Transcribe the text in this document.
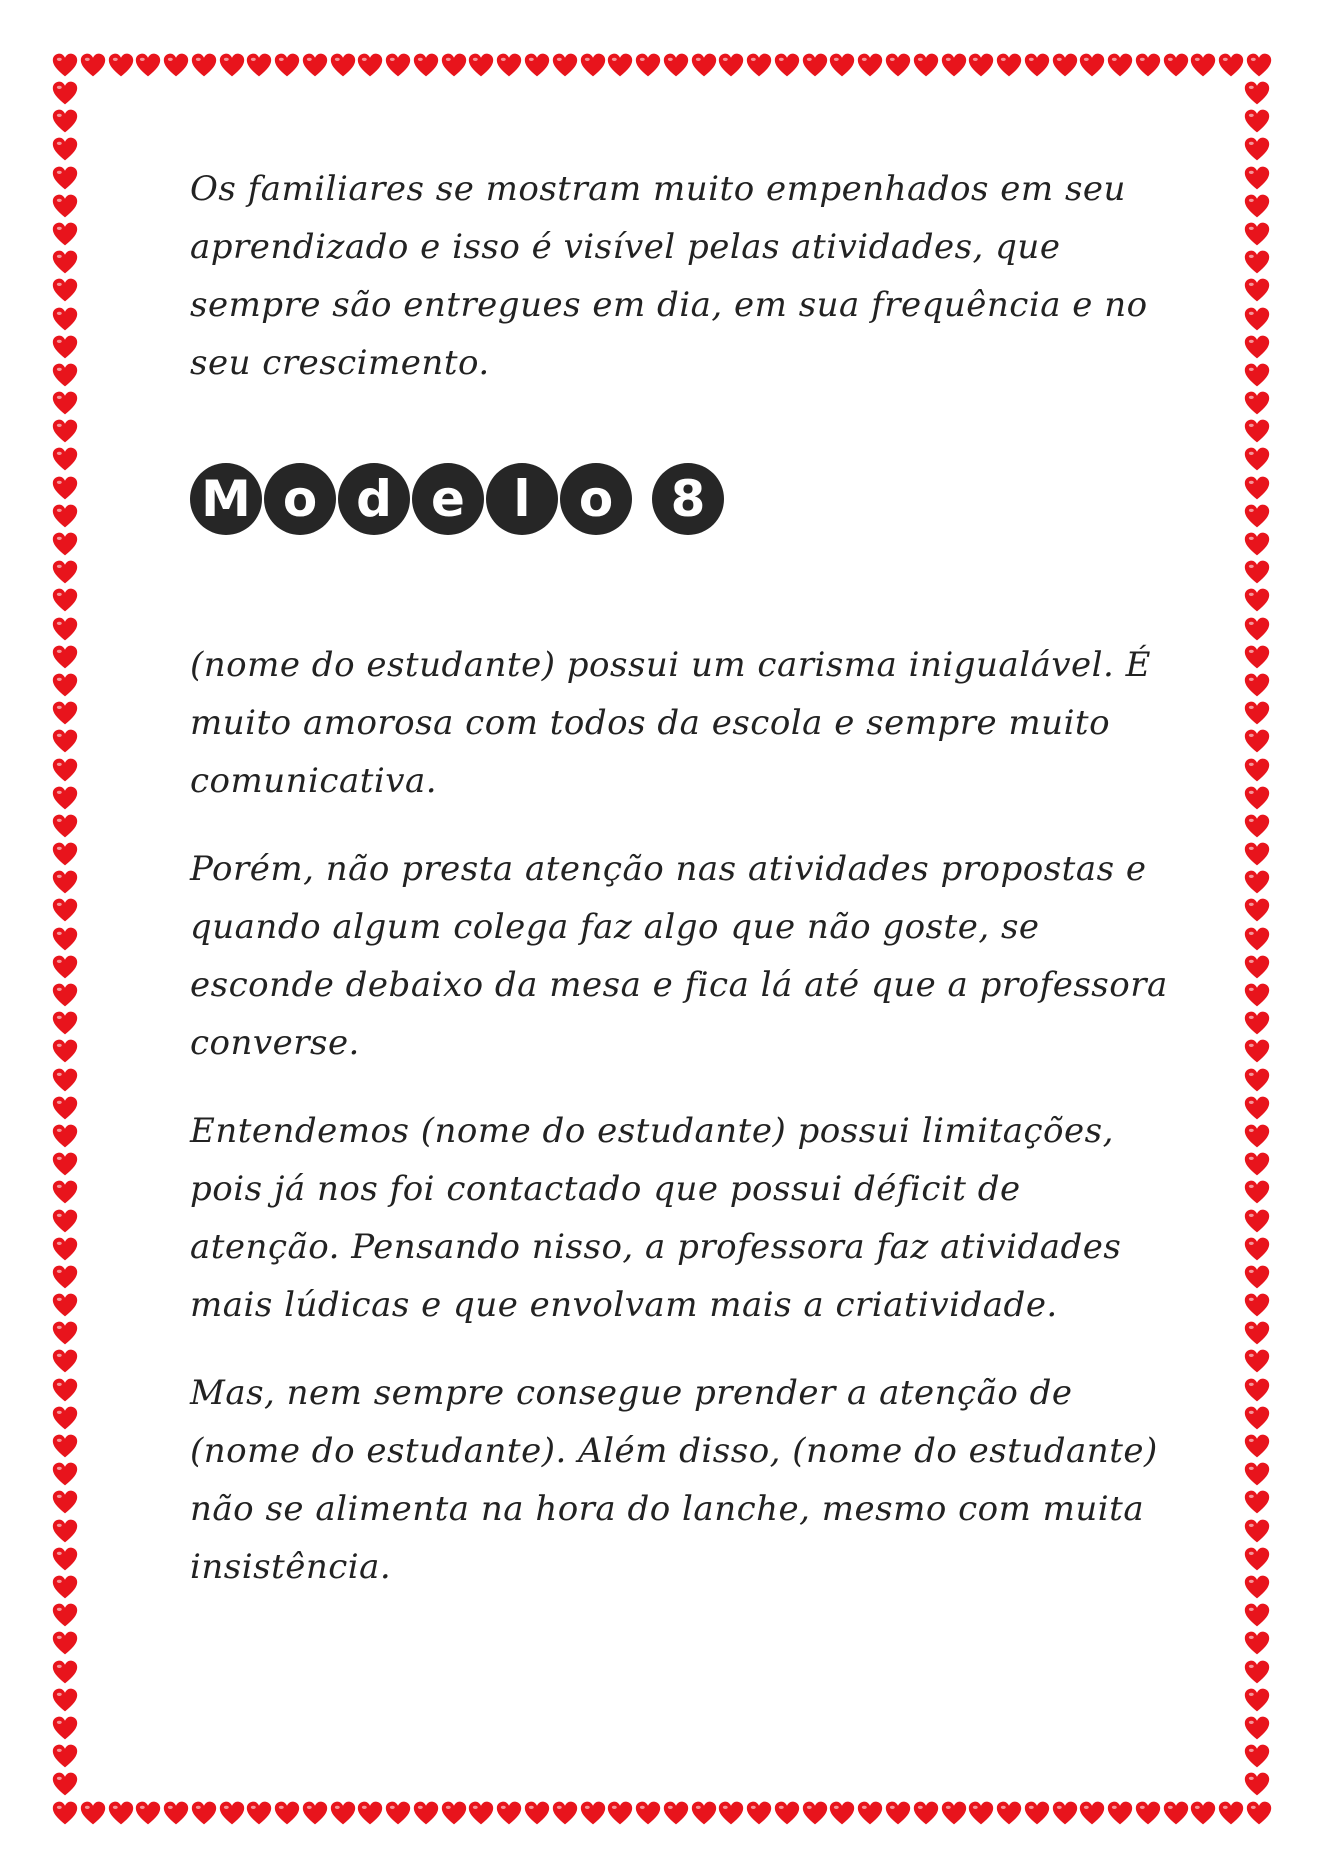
Os familiares se mostram muito empenhados em seu aprendizado e isso é visível pelas atividades, que sempre são entregues em dia, em sua frequência e no seu crescimento.

M o d e l o	8

(nome do estudante) possui um carisma inigualável. É muito amorosa com todos da escola e sempre muito comunicativa.

Porém, não presta atenção nas atividades propostas e quando algum colega faz algo que não goste, se esconde debaixo da mesa e fica lá até que a professora converse.

Entendemos (nome do estudante) possui limitações, pois já nos foi contactado que possui déficit de atenção. Pensando nisso, a professora faz atividades mais lúdicas e que envolvam mais a criatividade.

Mas, nem sempre consegue prender a atenção de (nome do estudante). Além disso, (nome do estudante) não se alimenta na hora do lanche, mesmo com muita insistência.
